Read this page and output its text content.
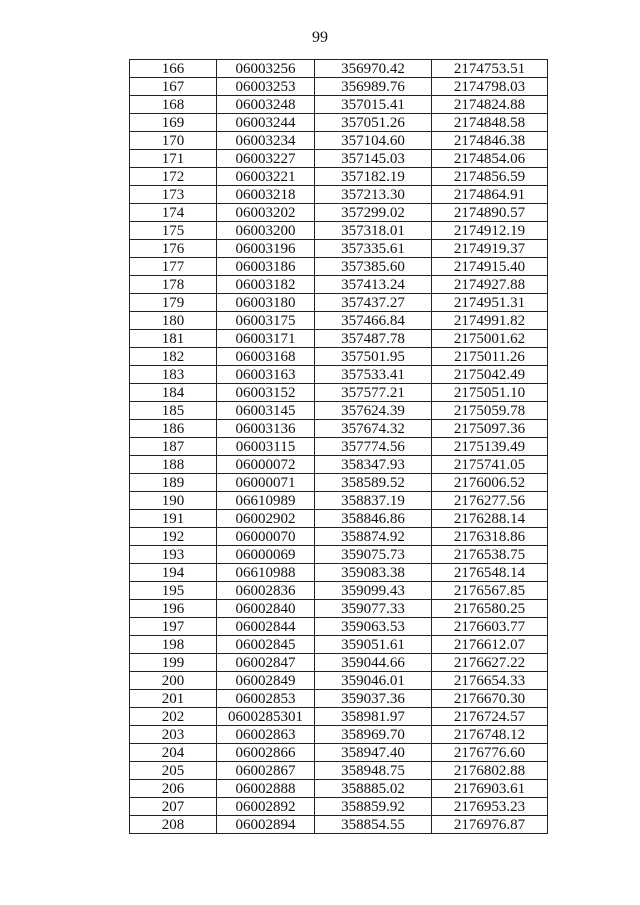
99
166	06003256	356970.42	2174753.51
167	06003253	356989.76	2174798.03
168	06003248	357015.41	2174824.88
169	06003244	357051.26	2174848.58
170	06003234	357104.60	2174846.38
171	06003227	357145.03	2174854.06
172	06003221	357182.19	2174856.59
173	06003218	357213.30	2174864.91
174	06003202	357299.02	2174890.57
175	06003200	357318.01	2174912.19
176	06003196	357335.61	2174919.37
177	06003186	357385.60	2174915.40
178	06003182	357413.24	2174927.88
179	06003180	357437.27	2174951.31
180	06003175	357466.84	2174991.82
181	06003171	357487.78	2175001.62
182	06003168	357501.95	2175011.26
183	06003163	357533.41	2175042.49
184	06003152	357577.21	2175051.10
185	06003145	357624.39	2175059.78
186	06003136	357674.32	2175097.36
187	06003115	357774.56	2175139.49
188	06000072	358347.93	2175741.05
189	06000071	358589.52	2176006.52
190	06610989	358837.19	2176277.56
191	06002902	358846.86	2176288.14
192	06000070	358874.92	2176318.86
193	06000069	359075.73	2176538.75
194	06610988	359083.38	2176548.14
195	06002836	359099.43	2176567.85
196	06002840	359077.33	2176580.25
197	06002844	359063.53	2176603.77
198	06002845	359051.61	2176612.07
199	06002847	359044.66	2176627.22
200	06002849	359046.01	2176654.33
201	06002853	359037.36	2176670.30
202	0600285301	358981.97	2176724.57
203	06002863	358969.70	2176748.12
204	06002866	358947.40	2176776.60
205	06002867	358948.75	2176802.88
206	06002888	358885.02	2176903.61
207	06002892	358859.92	2176953.23
208	06002894	358854.55	2176976.87
